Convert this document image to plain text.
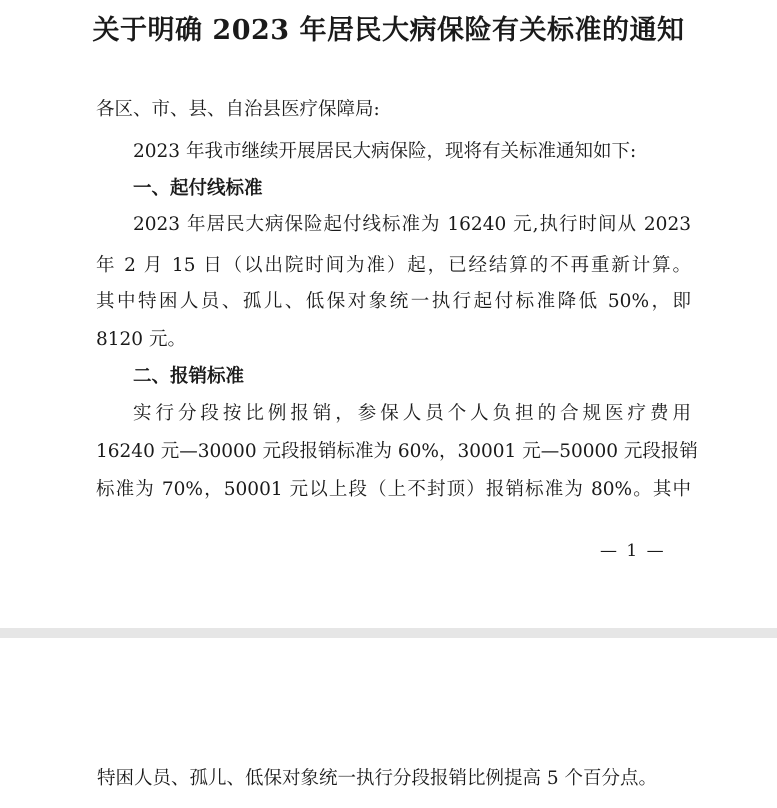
关于明确 2023 年居民大病保险有关标准的通知
各区、市、县、自治县医疗保障局:
2023 年我市继续开展居民大病保险，现将有关标准通知如下:
一、起付线标准
2023 年居民大病保险起付线标准为 16240 元,执行时间从 2023
年 2 月 15 日（以出院时间为准）起，已经结算的不再重新计算。
其中特困人员、孤儿、低保对象统一执行起付标准降低 50%，即
8120 元。
二、报销标准
实行分段按比例报销，参保人员个人负担的合规医疗费用
16240 元—30000 元段报销标准为 60%，30001 元—50000 元段报销
标准为 70%，50001 元以上段（上不封顶）报销标准为 80%。其中
— 1 —
特困人员、孤儿、低保对象统一执行分段报销比例提高 5 个百分点。
